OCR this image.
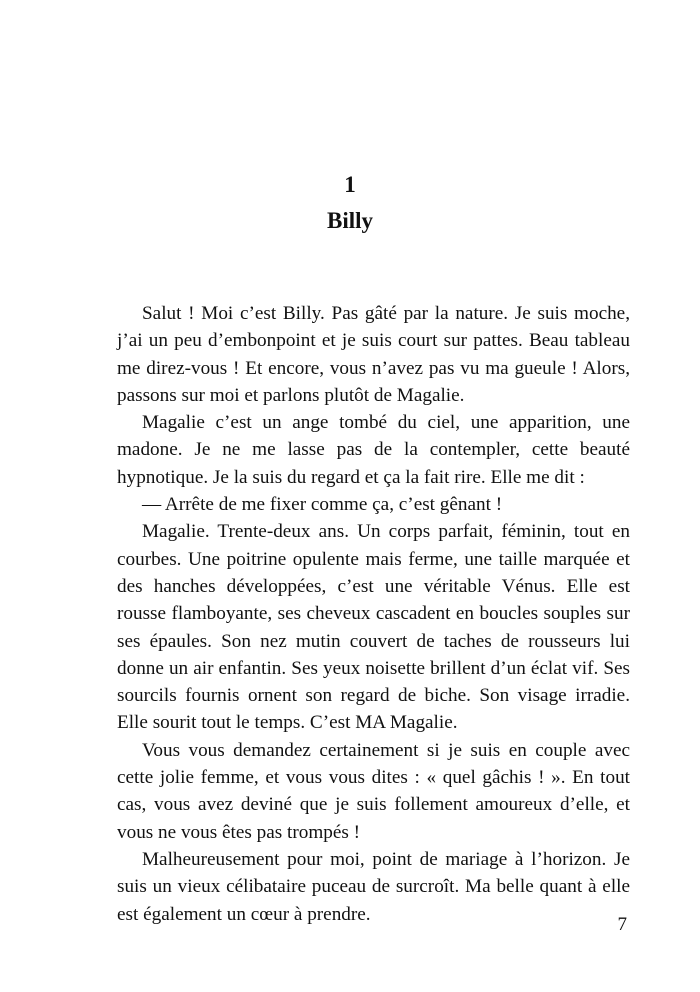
1
Billy

Salut ! Moi c’est Billy. Pas gâté par la nature. Je suis moche, j’ai un peu d’embonpoint et je suis court sur pattes. Beau tableau me direz-vous ! Et encore, vous n’avez pas vu ma gueule ! Alors, passons sur moi et parlons plutôt de Magalie.

Magalie c’est un ange tombé du ciel, une apparition, une madone. Je ne me lasse pas de la contempler, cette beauté hypnotique. Je la suis du regard et ça la fait rire. Elle me dit :

— Arrête de me fixer comme ça, c’est gênant !

Magalie. Trente-deux ans. Un corps parfait, féminin, tout en courbes. Une poitrine opulente mais ferme, une taille marquée et des hanches développées, c’est une véritable Vénus. Elle est rousse flamboyante, ses cheveux cascadent en boucles souples sur ses épaules. Son nez mutin couvert de taches de rousseurs lui donne un air enfantin. Ses yeux noisette brillent d’un éclat vif. Ses sourcils fournis ornent son regard de biche. Son visage irradie. Elle sourit tout le temps. C’est MA Magalie.

Vous vous demandez certainement si je suis en couple avec cette jolie femme, et vous vous dites : « quel gâchis ! ». En tout cas, vous avez deviné que je suis follement amoureux d’elle, et vous ne vous êtes pas trompés !

Malheureusement pour moi, point de mariage à l’horizon. Je suis un vieux célibataire puceau de surcroît. Ma belle quant à elle est également un cœur à prendre.	7
